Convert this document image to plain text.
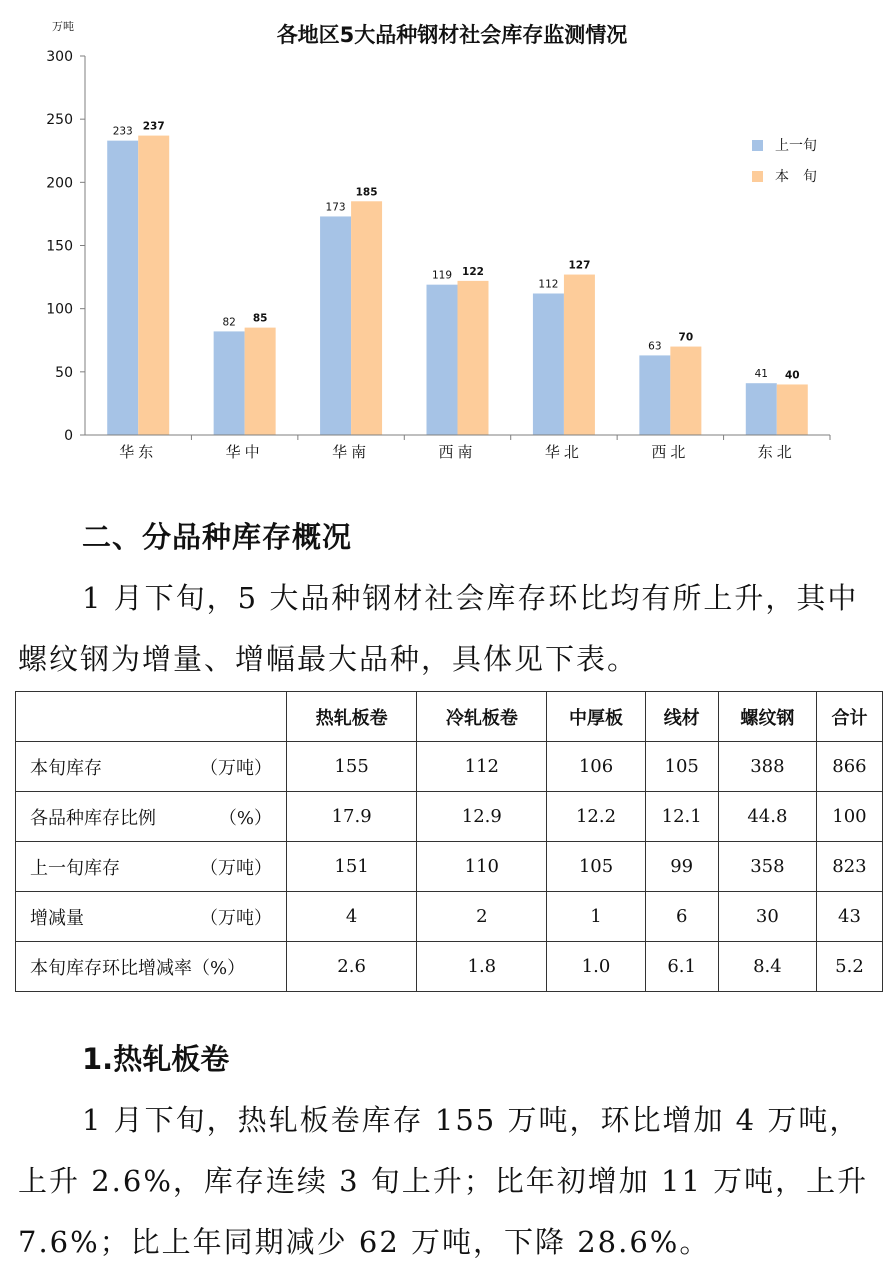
各地区5大品种钢材社会库存监测情况
万吨
0
50
100
150
200
250
300
233 237
82 85
173
185
119 122
112
127
63
70
41 40
华东	华中	华南	西南	华北	西北	东北
上一旬
本　旬
二、分品种库存概况
1 月下旬，5 大品种钢材社会库存环比均有所上升，其中螺纹钢为增量、增幅最大品种，具体见下表。
	热轧板卷	冷轧板卷	中厚板	线材	螺纹钢	合计
本旬库存 （万吨）	155	112	106	105	388	866
各品种库存比例 （%）	17.9	12.9	12.2	12.1	44.8	100
上一旬库存 （万吨）	151	110	105	99	358	823
增减量 （万吨）	4	2	1	6	30	43
本旬库存环比增减率（%）	2.6	1.8	1.0	6.1	8.4	5.2
1.热轧板卷
1 月下旬，热轧板卷库存 155 万吨，环比增加 4 万吨，上升 2.6%，库存连续 3 旬上升；比年初增加 11 万吨，上升 7.6%；比上年同期减少 62 万吨，下降 28.6%。
